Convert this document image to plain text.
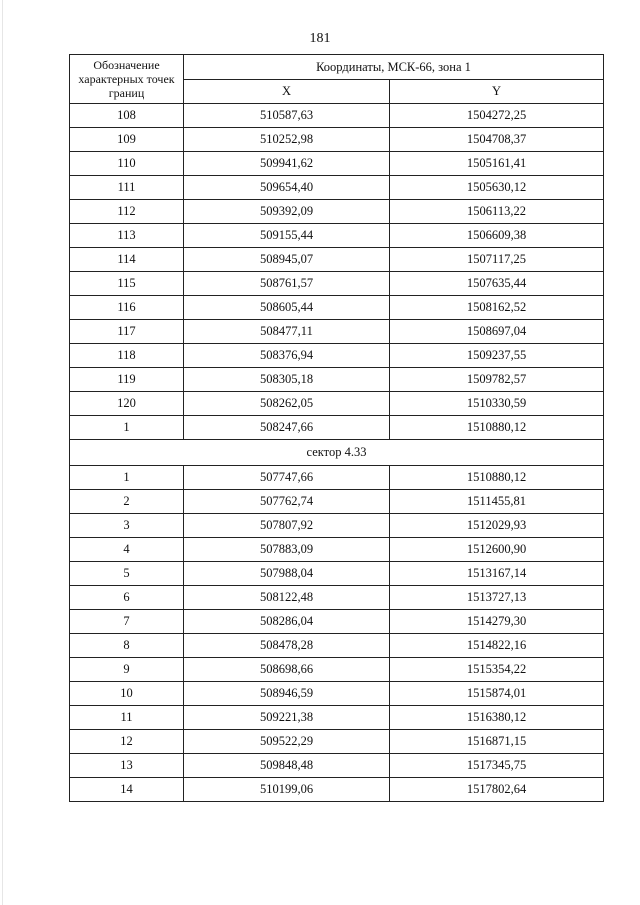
181
Обозначение характерных точек границ	Координаты, МСК-66, зона 1	
	X	Y
108	510587,63	1504272,25
109	510252,98	1504708,37
110	509941,62	1505161,41
111	509654,40	1505630,12
112	509392,09	1506113,22
113	509155,44	1506609,38
114	508945,07	1507117,25
115	508761,57	1507635,44
116	508605,44	1508162,52
117	508477,11	1508697,04
118	508376,94	1509237,55
119	508305,18	1509782,57
120	508262,05	1510330,59
1	508247,66	1510880,12
сектор 4.33		
1	507747,66	1510880,12
2	507762,74	1511455,81
3	507807,92	1512029,93
4	507883,09	1512600,90
5	507988,04	1513167,14
6	508122,48	1513727,13
7	508286,04	1514279,30
8	508478,28	1514822,16
9	508698,66	1515354,22
10	508946,59	1515874,01
11	509221,38	1516380,12
12	509522,29	1516871,15
13	509848,48	1517345,75
14	510199,06	1517802,64
